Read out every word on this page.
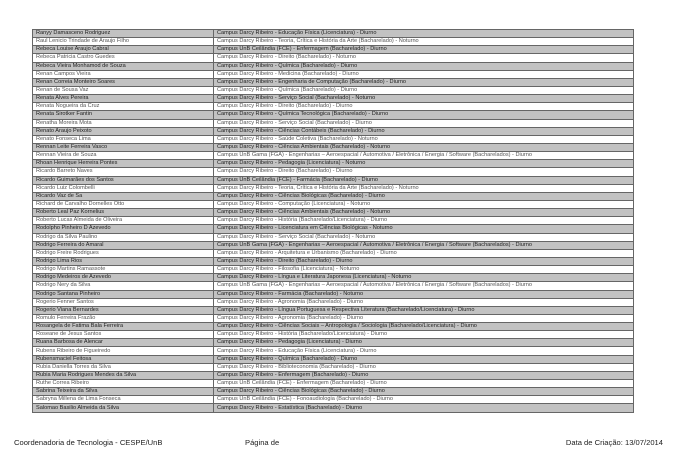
Ranyy Damasceno Rodriguez	Campus Darcy Ribeiro - Educação Física (Licenciatura) - Diurno
Raul Lenicio Trindade de Araujo Filho	Campus Darcy Ribeiro - Teoria, Crítica e História da Arte (Bacharelado) - Noturno
Rebeca Louise Araujo Cabral	Campus UnB Ceilândia (FCE) - Enfermagem (Bacharelado) - Diurno
Rebeca Patricia Castro Guedes	Campus Darcy Ribeiro - Direito (Bacharelado) - Noturno
Rebeca Vieira Monhamod de Souza	Campus Darcy Ribeiro - Química (Bacharelado) - Diurno
Renan Campos Vieira	Campus Darcy Ribeiro - Medicina (Bacharelado) - Diurno
Renan Correia Monteiro Soares	Campus Darcy Ribeiro - Engenharia de Computação (Bacharelado) - Diurno
Renan de Sousa Vaz	Campus Darcy Ribeiro - Química (Bacharelado) - Diurno
Renata Alves Pereira	Campus Darcy Ribeiro - Serviço Social (Bacharelado) - Noturno
Renata Nogueira da Cruz	Campus Darcy Ribeiro - Direito (Bacharelado) - Diurno
Renata Sirotker Fantin	Campus Darcy Ribeiro - Química Tecnológica (Bacharelado) - Diurno
Renatha Moreira Mota	Campus Darcy Ribeiro - Serviço Social (Bacharelado) - Diurno
Renato Araujo Peixoto	Campus Darcy Ribeiro - Ciências Contábeis (Bacharelado) - Diurno
Renato Fonseca Lima	Campus Darcy Ribeiro - Saúde Coletiva (Bacharelado) - Noturno
Rennan Leite Ferreira Vasco	Campus Darcy Ribeiro - Ciências Ambientais (Bacharelado) - Noturno
Rennan Vieira de Souza	Campus UnB Gama (FGA) - Engenharias – Aeroespacial / Automotiva / Eletrônica / Energia / Software (Bacharelados) - Diurno
Rhoan Henrique Herreira Pontes	Campus Darcy Ribeiro - Pedagogia (Licenciatura) - Noturno
Ricardo Barreto Naves	Campus Darcy Ribeiro - Direito (Bacharelado) - Diurno
Ricardo Guimarães dos Santos	Campus UnB Ceilândia (FCE) - Farmácia (Bacharelado) - Diurno
Ricardo Luiz Colombelli	Campus Darcy Ribeiro - Teoria, Crítica e História da Arte (Bacharelado) - Noturno
Ricardo Vaz de Sa	Campus Darcy Ribeiro - Ciências Biológicas (Bacharelado) - Diurno
Richard de Carvalho Dornelles Otto	Campus Darcy Ribeiro - Computação (Licenciatura) - Noturno
Roberto Leal Paz Kornelius	Campus Darcy Ribeiro - Ciências Ambientais (Bacharelado) - Noturno
Roberto Lucas Almeida de Oliveira	Campus Darcy Ribeiro - História (Bacharelado/Licenciatura) - Diurno
Rodolpho Pinheiro D Azevedo	Campus Darcy Ribeiro - Licenciatura em Ciências Biológicas - Noturno
Rodrigo da Silva Paulino	Campus Darcy Ribeiro - Serviço Social (Bacharelado) - Noturno
Rodrigo Ferreira do Amaral	Campus UnB Gama (FGA) - Engenharias – Aeroespacial / Automotiva / Eletrônica / Energia / Software (Bacharelados) - Diurno
Rodrigo Freire Rodrigues	Campus Darcy Ribeiro - Arquitetura e Urbanismo (Bacharelado) - Diurno
Rodrigo Lima Rios	Campus Darcy Ribeiro - Direito (Bacharelado) - Diurno
Rodrigo Martins Ramassote	Campus Darcy Ribeiro - Filosofia (Licenciatura) - Noturno
Rodrigo Medeiros de Azevedo	Campus Darcy Ribeiro - Língua e Literatura Japonesa (Licenciatura) - Noturno
Rodrigo Nery da Silva	Campus UnB Gama (FGA) - Engenharias – Aeroespacial / Automotiva / Eletrônica / Energia / Software (Bacharelados) - Diurno
Rodrigo Santana Pinheiro	Campus Darcy Ribeiro - Farmácia (Bacharelado) - Noturno
Rogerio Fenner Santos	Campus Darcy Ribeiro - Agronomia (Bacharelado) - Diurno
Rogerio Viana Bernardes	Campus Darcy Ribeiro - Língua Portuguesa e Respectiva Literatura (Bacharelado/Licenciatura) - Diurno
Romulo Ferreira Frazão	Campus Darcy Ribeiro - Agronomia (Bacharelado) - Diurno
Rosangela de Fatima Bala Ferreira	Campus Darcy Ribeiro - Ciências Sociais – Antropologia / Sociologia (Bacharelado/Licenciatura) - Diurno
Roseane de Jesus Santos	Campus Darcy Ribeiro - História (Bacharelado/Licenciatura) - Diurno
Ruana Barbosa de Alencar	Campus Darcy Ribeiro - Pedagogia (Licenciatura) - Diurno
Rubens Ribeiro de Figueiredo	Campus Darcy Ribeiro - Educação Física (Licenciatura) - Diurno
Rubensmaciel Feitosa	Campus Darcy Ribeiro - Química (Bacharelado) - Diurno
Rubia Daniella Torres da Silva	Campus Darcy Ribeiro - Biblioteconomia (Bacharelado) - Diurno
Rubia Maria Rodrigues Mendes da Silva	Campus Darcy Ribeiro - Enfermagem (Bacharelado) - Diurno
Ruthe Correa Ribeiro	Campus UnB Ceilândia (FCE) - Enfermagem (Bacharelado) - Diurno
Sabrina Teixeira da Silva	Campus Darcy Ribeiro - Ciências Biológicas (Bacharelado) - Diurno
Sabryna Millena de Lima Fonseca	Campus UnB Ceilândia (FCE) - Fonoaudiologia (Bacharelado) - Diurno
Salomao Basilio Almeida da Silva	Campus Darcy Ribeiro - Estatística (Bacharelado) - Diurno
Coordenadoria de Tecnologia - CESPE/UnB	Página de	Data de Criação: 13/07/2014
